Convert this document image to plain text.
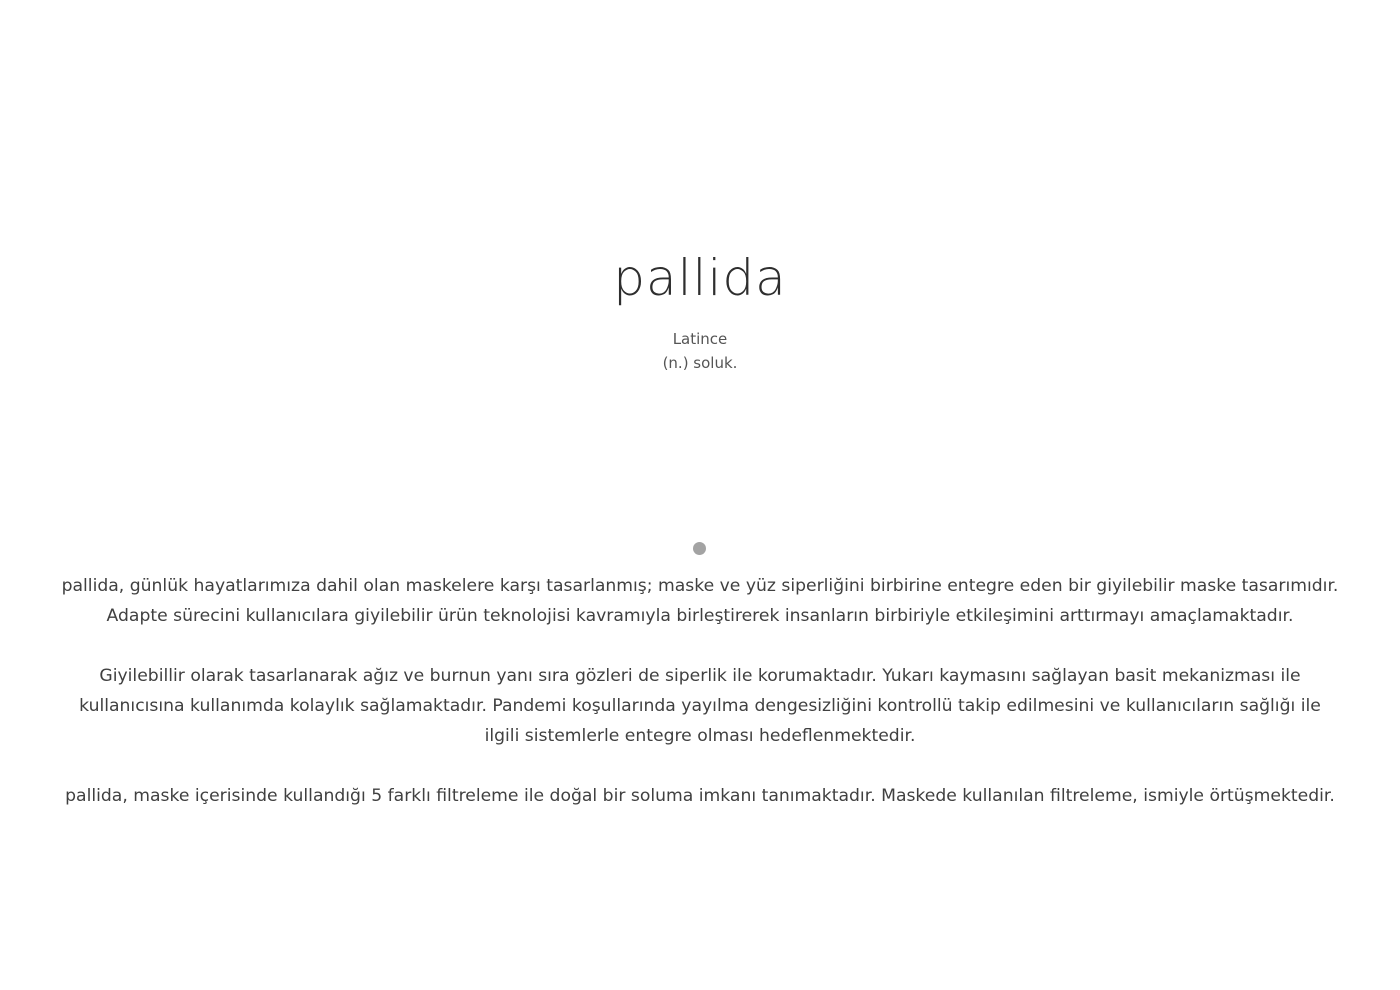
pallida
Latince
(n.) soluk.

pallida, günlük hayatlarımıza dahil olan maskelere karşı tasarlanmış; maske ve yüz siperliğini birbirine entegre eden bir giyilebilir maske tasarımıdır. Adapte sürecini kullanıcılara giyilebilir ürün teknolojisi kavramıyla birleştirerek insanların birbiriyle etkileşimini arttırmayı amaçlamaktadır.

Giyilebillir olarak tasarlanarak ağız ve burnun yanı sıra gözleri de siperlik ile korumaktadır. Yukarı kaymasını sağlayan basit mekanizması ile kullanıcısına kullanımda kolaylık sağlamaktadır. Pandemi koşullarında yayılma dengesizliğini kontrollü takip edilmesini ve kullanıcıların sağlığı ile ilgili sistemlerle entegre olması hedeflenmektedir.

pallida, maske içerisinde kullandığı 5 farklı filtreleme ile doğal bir soluma imkanı tanımaktadır. Maskede kullanılan filtreleme, ismiyle örtüşmektedir.
